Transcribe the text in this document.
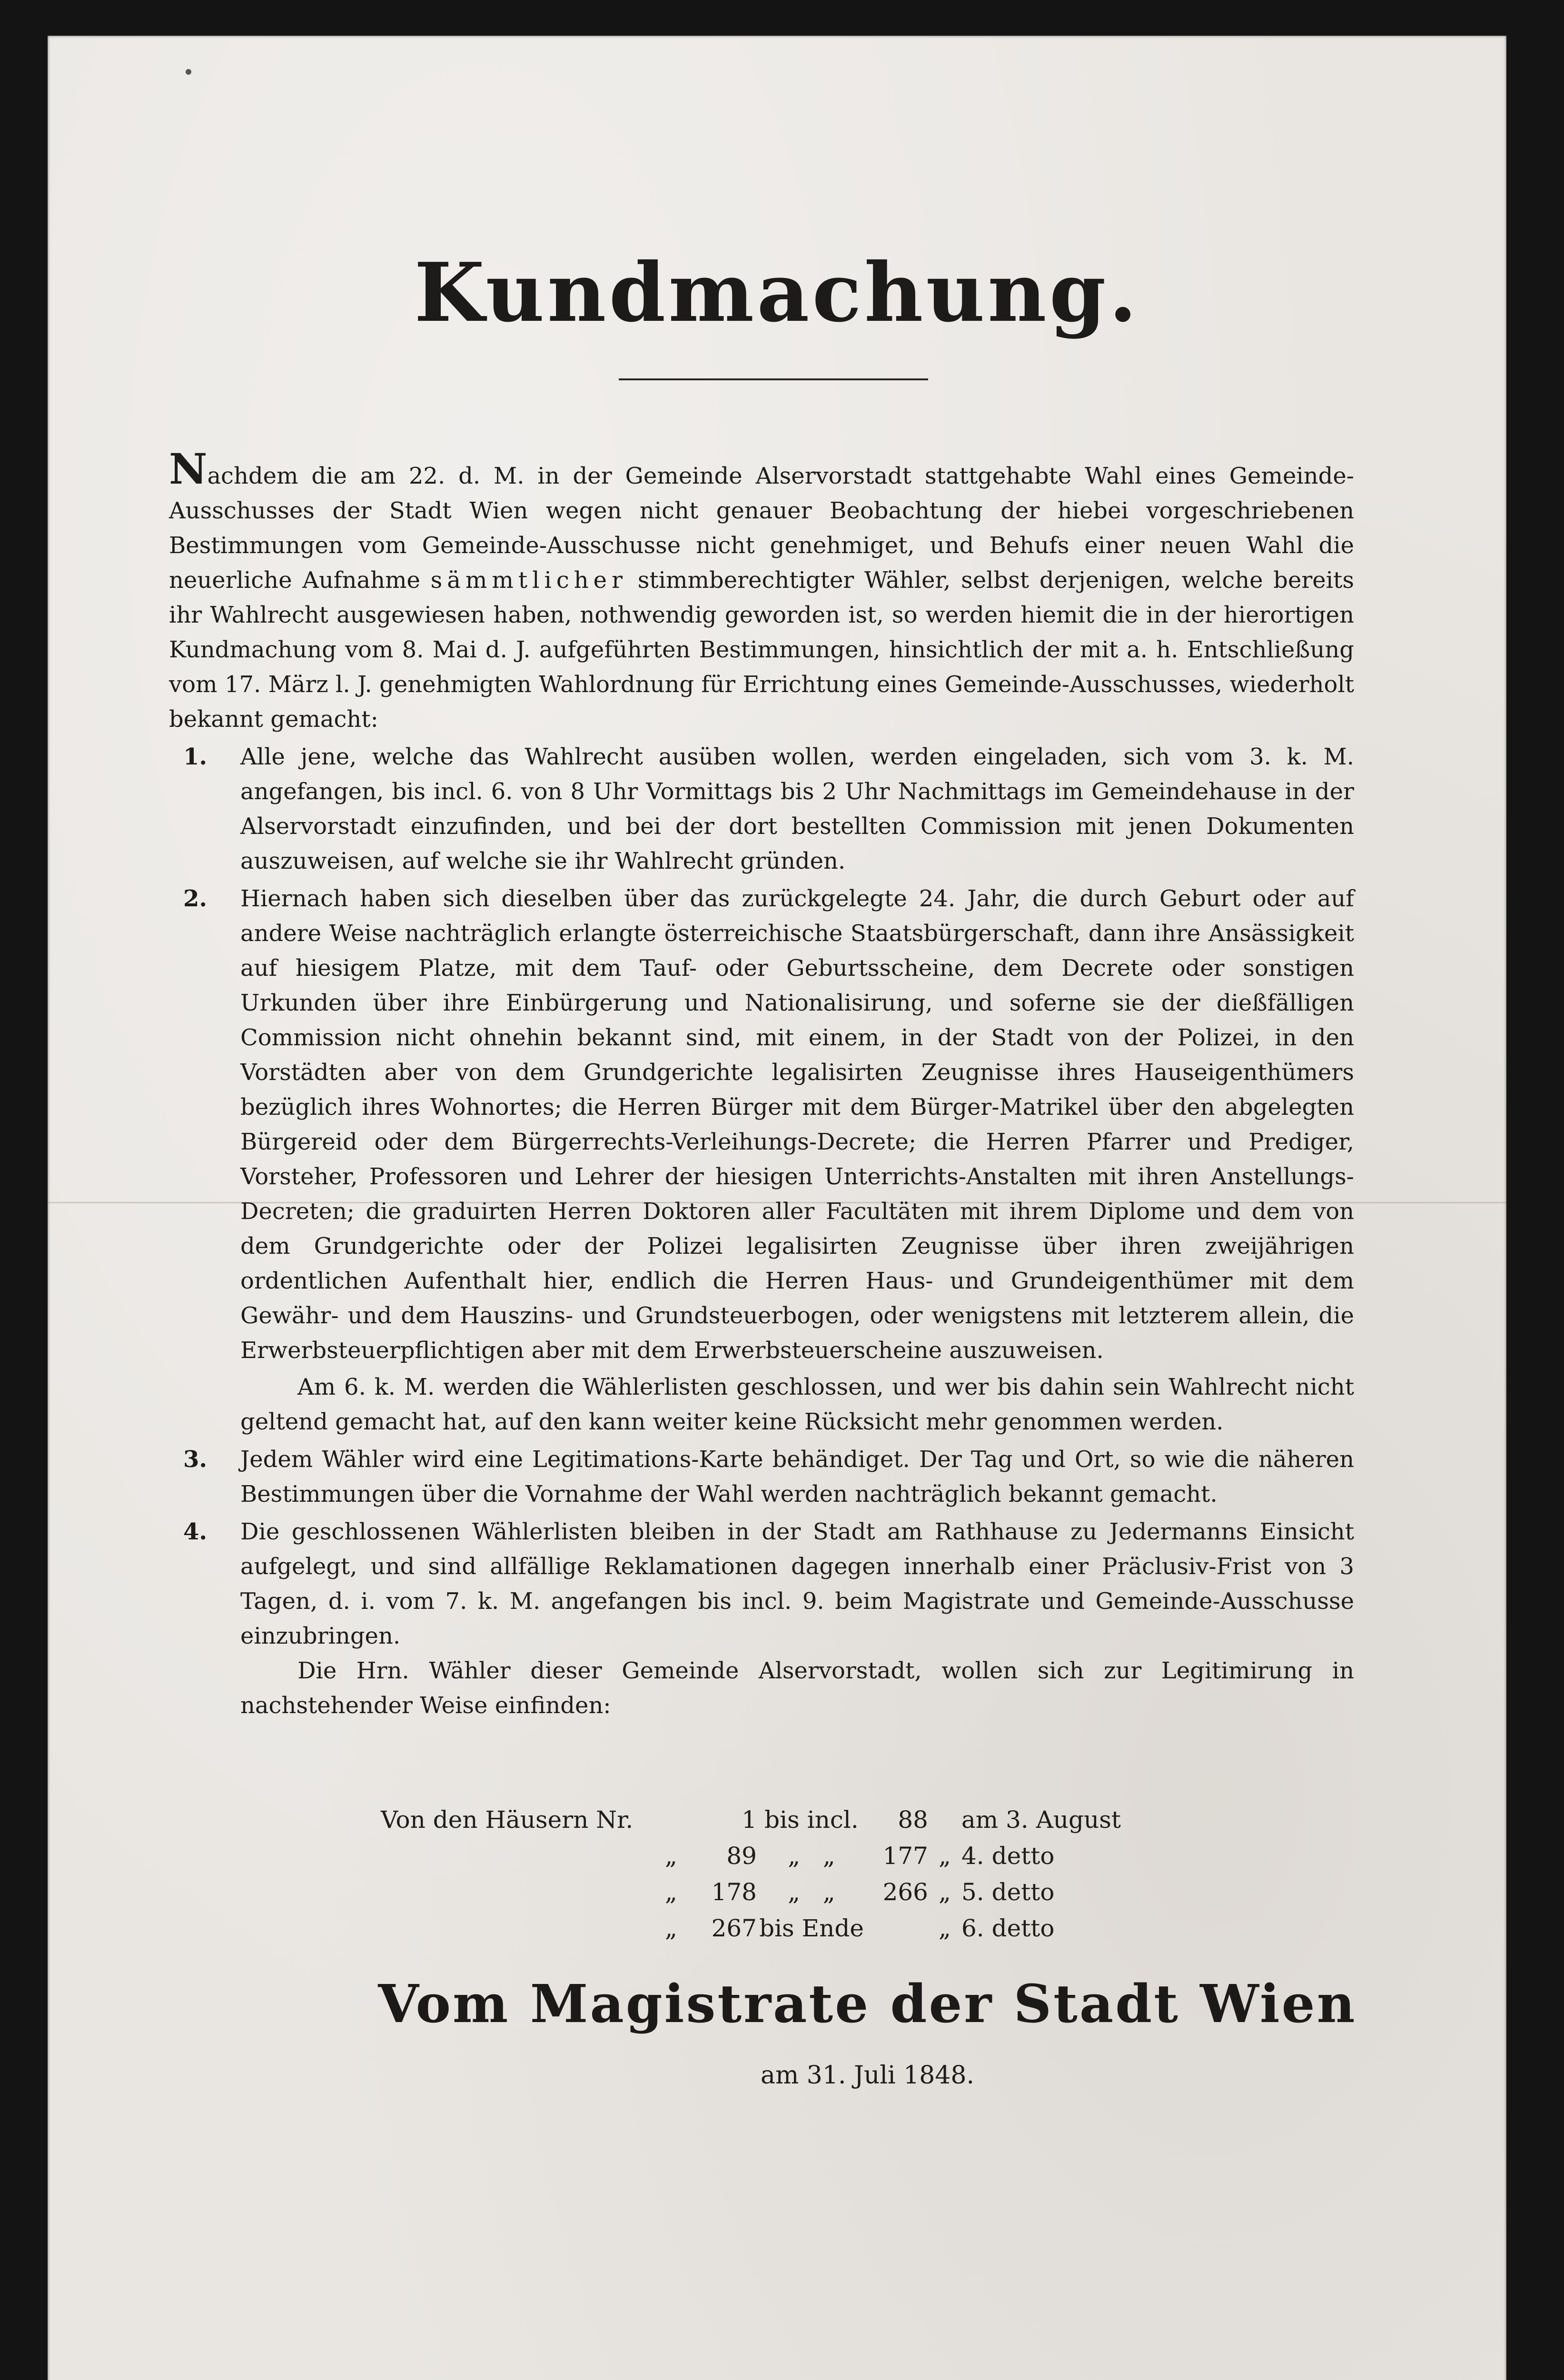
Kundmachung.

Nachdem die am 22. d. M. in der Gemeinde Alservorstadt stattgehabte Wahl eines Gemeinde-Ausschusses der Stadt Wien wegen nicht genauer Beobachtung der hiebei vorgeschriebenen Bestimmungen vom Gemeinde-Ausschusse nicht genehmiget, und Behufs einer neuen Wahl die neuerliche Aufnahme sämmtlicher stimmberechtigter Wähler, selbst derjenigen, welche bereits ihr Wahlrecht ausgewiesen haben, nothwendig geworden ist, so werden hiemit die in der hierortigen Kundmachung vom 8. Mai d. J. aufgeführten Bestimmungen, hinsichtlich der mit a. h. Entschließung vom 17. März l. J. genehmigten Wahlordnung für Errichtung eines Gemeinde-Ausschusses, wiederholt bekannt gemacht:

1.	Alle jene, welche das Wahlrecht ausüben wollen, werden eingeladen, sich vom 3. k. M. angefangen, bis incl. 6. von 8 Uhr Vormittags bis 2 Uhr Nachmittags im Gemeindehause in der Alservorstadt einzufinden, und bei der dort bestellten Commission mit jenen Dokumenten auszuweisen, auf welche sie ihr Wahlrecht gründen.
2.	Hiernach haben sich dieselben über das zurückgelegte 24. Jahr, die durch Geburt oder auf andere Weise nachträglich erlangte österreichische Staatsbürgerschaft, dann ihre Ansässigkeit auf hiesigem Platze, mit dem Tauf- oder Geburtsscheine, dem Decrete oder sonstigen Urkunden über ihre Einbürgerung und Nationalisirung, und soferne sie der dießfälligen Commission nicht ohnehin bekannt sind, mit einem, in der Stadt von der Polizei, in den Vorstädten aber von dem Grundgerichte legalisirten Zeugnisse ihres Hauseigenthümers bezüglich ihres Wohnortes; die Herren Bürger mit dem Bürger-Matrikel über den abgelegten Bürgereid oder dem Bürgerrechts-Verleihungs-Decrete; die Herren Pfarrer und Prediger, Vorsteher, Professoren und Lehrer der hiesigen Unterrichts-Anstalten mit ihren Anstellungs-Decreten; die graduirten Herren Doktoren aller Facultäten mit ihrem Diplome und dem von dem Grundgerichte oder der Polizei legalisirten Zeugnisse über ihren zweijährigen ordentlichen Aufenthalt hier, endlich die Herren Haus- und Grundeigenthümer mit dem Gewähr- und dem Hauszins- und Grundsteuerbogen, oder wenigstens mit letzterem allein, die Erwerbsteuerpflichtigen aber mit dem Erwerbsteuerscheine auszuweisen.
Am 6. k. M. werden die Wählerlisten geschlossen, und wer bis dahin sein Wahlrecht nicht geltend gemacht hat, auf den kann weiter keine Rücksicht mehr genommen werden.
3.	Jedem Wähler wird eine Legitimations-Karte behändiget. Der Tag und Ort, so wie die näheren Bestimmungen über die Vornahme der Wahl werden nachträglich bekannt gemacht.
4.	Die geschlossenen Wählerlisten bleiben in der Stadt am Rathhause zu Jedermanns Einsicht aufgelegt, und sind allfällige Reklamationen dagegen innerhalb einer Präclusiv-Frist von 3 Tagen, d. i. vom 7. k. M. angefangen bis incl. 9. beim Magistrate und Gemeinde-Ausschusse einzubringen.
Die Hrn. Wähler dieser Gemeinde Alservorstadt, wollen sich zur Legitimirung in nachstehender Weise einfinden:
Von den Häusern Nr.	1 bis incl.	88 am 3. August
„	89	„   „	177 „ 4. detto
„	178	„   „	266 „ 5. detto
„	267 bis Ende	„ 6. detto
Vom Magistrate der Stadt Wien
am 31. Juli 1848.
